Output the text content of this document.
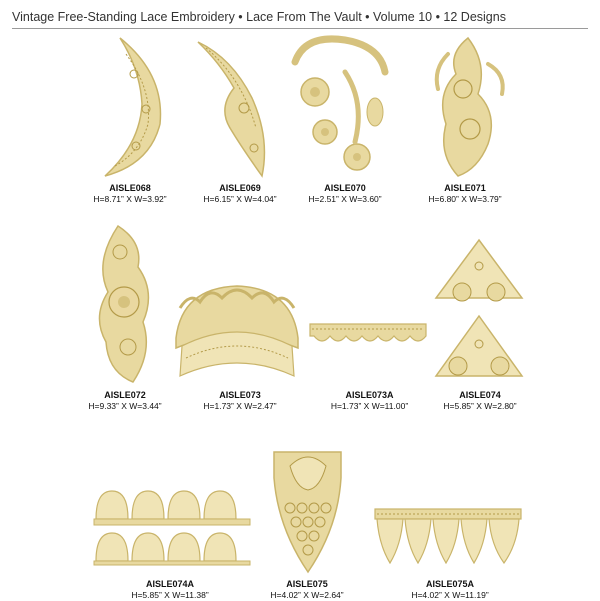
Vintage Free-Standing Lace Embroidery • Lace From The Vault • Volume 10 • 12 Designs
AISLE068
H=8.71” X W=3.92”
AISLE069
H=6.15” X W=4.04”
AISLE070
H=2.51” X W=3.60”
AISLE071
H=6.80” X W=3.79”
AISLE072
H=9.33” X W=3.44”
AISLE073
H=1.73” X W=2.47”
AISLE073A
H=1.73” X W=11.00”
AISLE074
H=5.85” X W=2.80”
AISLE074A
H=5.85” X W=11.38”
AISLE075
H=4.02” X W=2.64”
AISLE075A
H=4.02” X W=11.19”
